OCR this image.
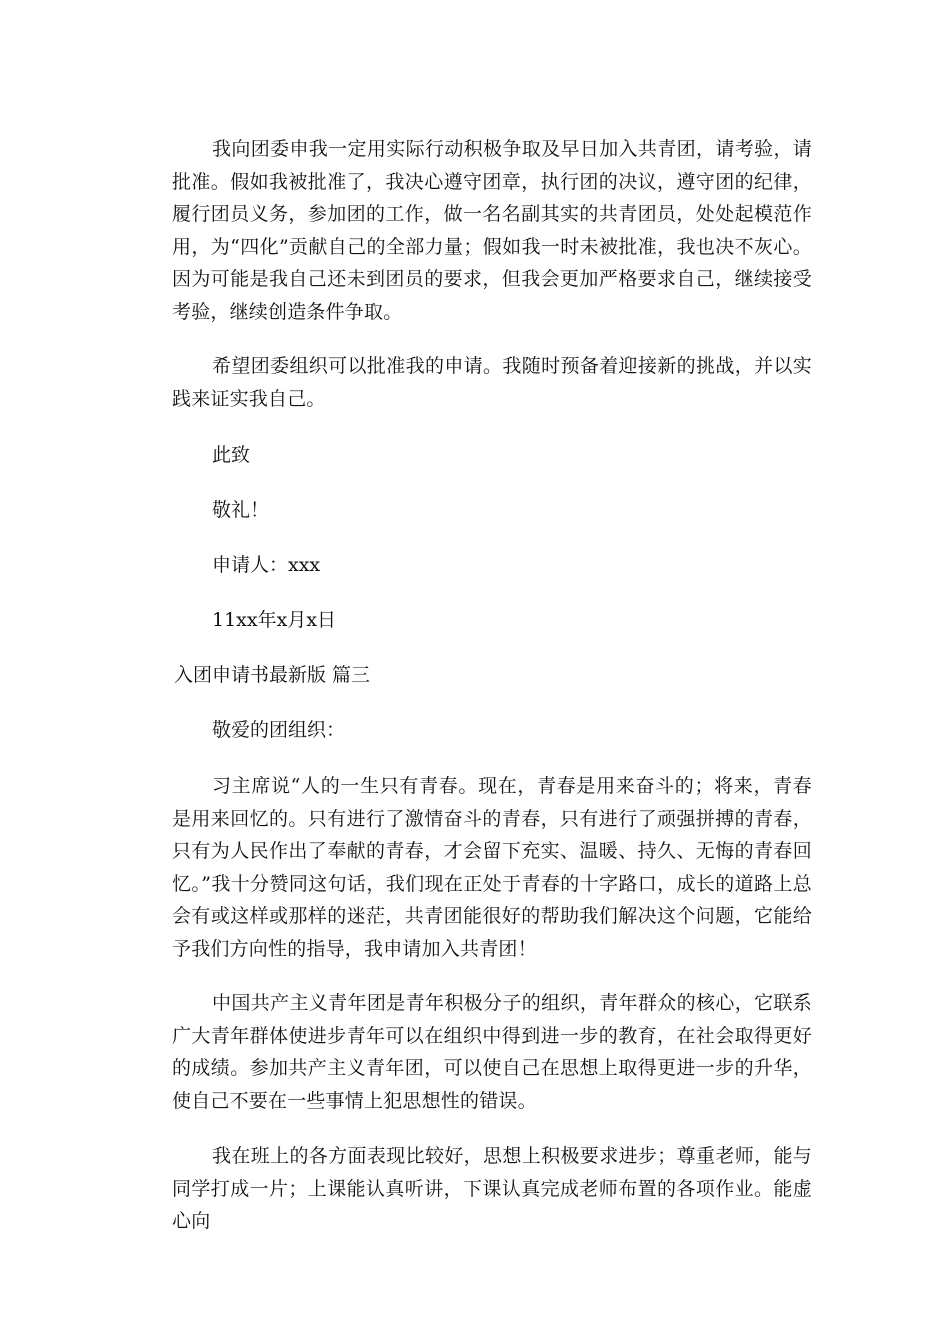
我向团委申我一定用实际行动积极争取及早日加入共青团，请考验，请批准。假如我被批准了，我决心遵守团章，执行团的决议，遵守团的纪律，履行团员义务，参加团的工作，做一名名副其实的共青团员，处处起模范作用，为“四化”贡献自己的全部力量；假如我一时未被批准，我也决不灰心。因为可能是我自己还未到团员的要求，但我会更加严格要求自己，继续接受考验，继续创造条件争取。

希望团委组织可以批准我的申请。我随时预备着迎接新的挑战，并以实践来证实我自己。

此致

敬礼！

申请人：xxx

11xx年x月x日

入团申请书最新版 篇三

敬爱的团组织：

习主席说“人的一生只有青春。现在，青春是用来奋斗的；将来，青春是用来回忆的。只有进行了激情奋斗的青春，只有进行了顽强拼搏的青春，只有为人民作出了奉献的青春，才会留下充实、温暖、持久、无悔的青春回忆。”我十分赞同这句话，我们现在正处于青春的十字路口，成长的道路上总会有或这样或那样的迷茫，共青团能很好的帮助我们解决这个问题，它能给予我们方向性的指导，我申请加入共青团！

中国共产主义青年团是青年积极分子的组织，青年群众的核心，它联系广大青年群体使进步青年可以在组织中得到进一步的教育，在社会取得更好的成绩。参加共产主义青年团，可以使自己在思想上取得更进一步的升华，使自己不要在一些事情上犯思想性的错误。

我在班上的各方面表现比较好，思想上积极要求进步；尊重老师，能与同学打成一片；上课能认真听讲，下课认真完成老师布置的各项作业。能虚心向
